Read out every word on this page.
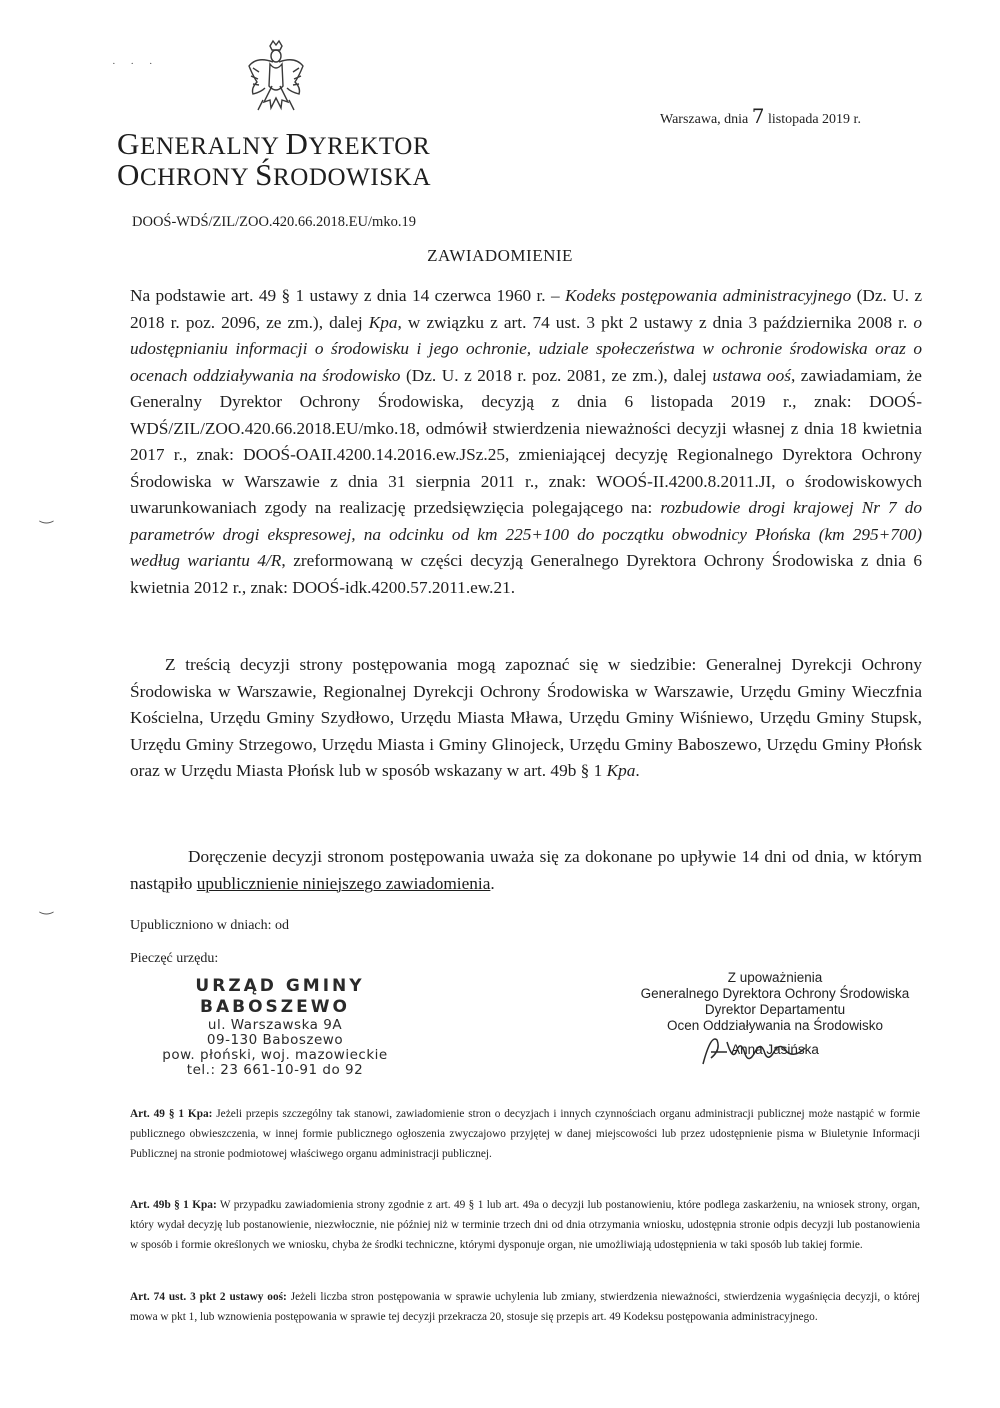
· · ·
Warszawa, dnia 7 listopada 2019 r.
GENERALNY DYREKTOR
OCHRONY ŚRODOWISKA
DOOŚ-WDŚ/ZIL/ZOO.420.66.2018.EU/mko.19
ZAWIADOMIENIE
Na podstawie art. 49 § 1 ustawy z dnia 14 czerwca 1960 r. – Kodeks postępowania administracyjnego (Dz. U. z 2018 r. poz. 2096, ze zm.), dalej Kpa, w związku z art. 74 ust. 3 pkt 2 ustawy z dnia 3 października 2008 r. o udostępnianiu informacji o środowisku i jego ochronie, udziale społeczeństwa w ochronie środowiska oraz o ocenach oddziaływania na środowisko (Dz. U. z 2018 r. poz. 2081, ze zm.), dalej ustawa ooś, zawiadamiam, że Generalny Dyrektor Ochrony Środowiska, decyzją z dnia 6 listopada 2019 r., znak: DOOŚ-WDŚ/ZIL/ZOO.420.66.2018.EU/mko.18, odmówił stwierdzenia nieważności decyzji własnej z dnia 18 kwietnia 2017 r., znak: DOOŚ-OAII.4200.14.2016.ew.JSz.25, zmieniającej decyzję Regionalnego Dyrektora Ochrony Środowiska w Warszawie z dnia 31 sierpnia 2011 r., znak: WOOŚ-II.4200.8.2011.JI, o środowiskowych uwarunkowaniach zgody na realizację przedsięwzięcia polegającego na: rozbudowie drogi krajowej Nr 7 do parametrów drogi ekspresowej, na odcinku od km 225+100 do początku obwodnicy Płońska (km 295+700) według wariantu 4/R, zreformowaną w części decyzją Generalnego Dyrektora Ochrony Środowiska z dnia 6 kwietnia 2012 r., znak: DOOŚ-idk.4200.57.2011.ew.21.
Z treścią decyzji strony postępowania mogą zapoznać się w siedzibie: Generalnej Dyrekcji Ochrony Środowiska w Warszawie, Regionalnej Dyrekcji Ochrony Środowiska w Warszawie, Urzędu Gminy Wieczfnia Kościelna, Urzędu Gminy Szydłowo, Urzędu Miasta Mława, Urzędu Gminy Wiśniewo, Urzędu Gminy Stupsk, Urzędu Gminy Strzegowo, Urzędu Miasta i Gminy Glinojeck, Urzędu Gminy Baboszewo, Urzędu Gminy Płońsk oraz w Urzędu Miasta Płońsk lub w sposób wskazany w art. 49b § 1 Kpa.
Doręczenie decyzji stronom postępowania uważa się za dokonane po upływie 14 dni od dnia, w którym nastąpiło upublicznienie niniejszego zawiadomienia.
‿
‿
Upubliczniono w dniach: od
Pieczęć urzędu:
URZĄD GMINY
BABOSZEWO
ul. Warszawska 9A
09-130 Baboszewo
pow. płoński, woj. mazowieckie
tel.: 23 661-10-91 do 92
Z upoważnienia
Generalnego Dyrektora Ochrony Środowiska
Dyrektor Departamentu
Ocen Oddziaływania na Środowisko
Anna Jasińska
Art. 49 § 1 Kpa: Jeżeli przepis szczególny tak stanowi, zawiadomienie stron o decyzjach i innych czynnościach organu administracji publicznej może nastąpić w formie publicznego obwieszczenia, w innej formie publicznego ogłoszenia zwyczajowo przyjętej w danej miejscowości lub przez udostępnienie pisma w Biuletynie Informacji Publicznej na stronie podmiotowej właściwego organu administracji publicznej.
Art. 49b § 1 Kpa: W przypadku zawiadomienia strony zgodnie z art. 49 § 1 lub art. 49a o decyzji lub postanowieniu, które podlega zaskarżeniu, na wniosek strony, organ, który wydał decyzję lub postanowienie, niezwłocznie, nie później niż w terminie trzech dni od dnia otrzymania wniosku, udostępnia stronie odpis decyzji lub postanowienia w sposób i formie określonych we wniosku, chyba że środki techniczne, którymi dysponuje organ, nie umożliwiają udostępnienia w taki sposób lub takiej formie.
Art. 74 ust. 3 pkt 2 ustawy ooś: Jeżeli liczba stron postępowania w sprawie uchylenia lub zmiany, stwierdzenia nieważności, stwierdzenia wygaśnięcia decyzji, o której mowa w pkt 1, lub wznowienia postępowania w sprawie tej decyzji przekracza 20, stosuje się przepis art. 49 Kodeksu postępowania administracyjnego.
